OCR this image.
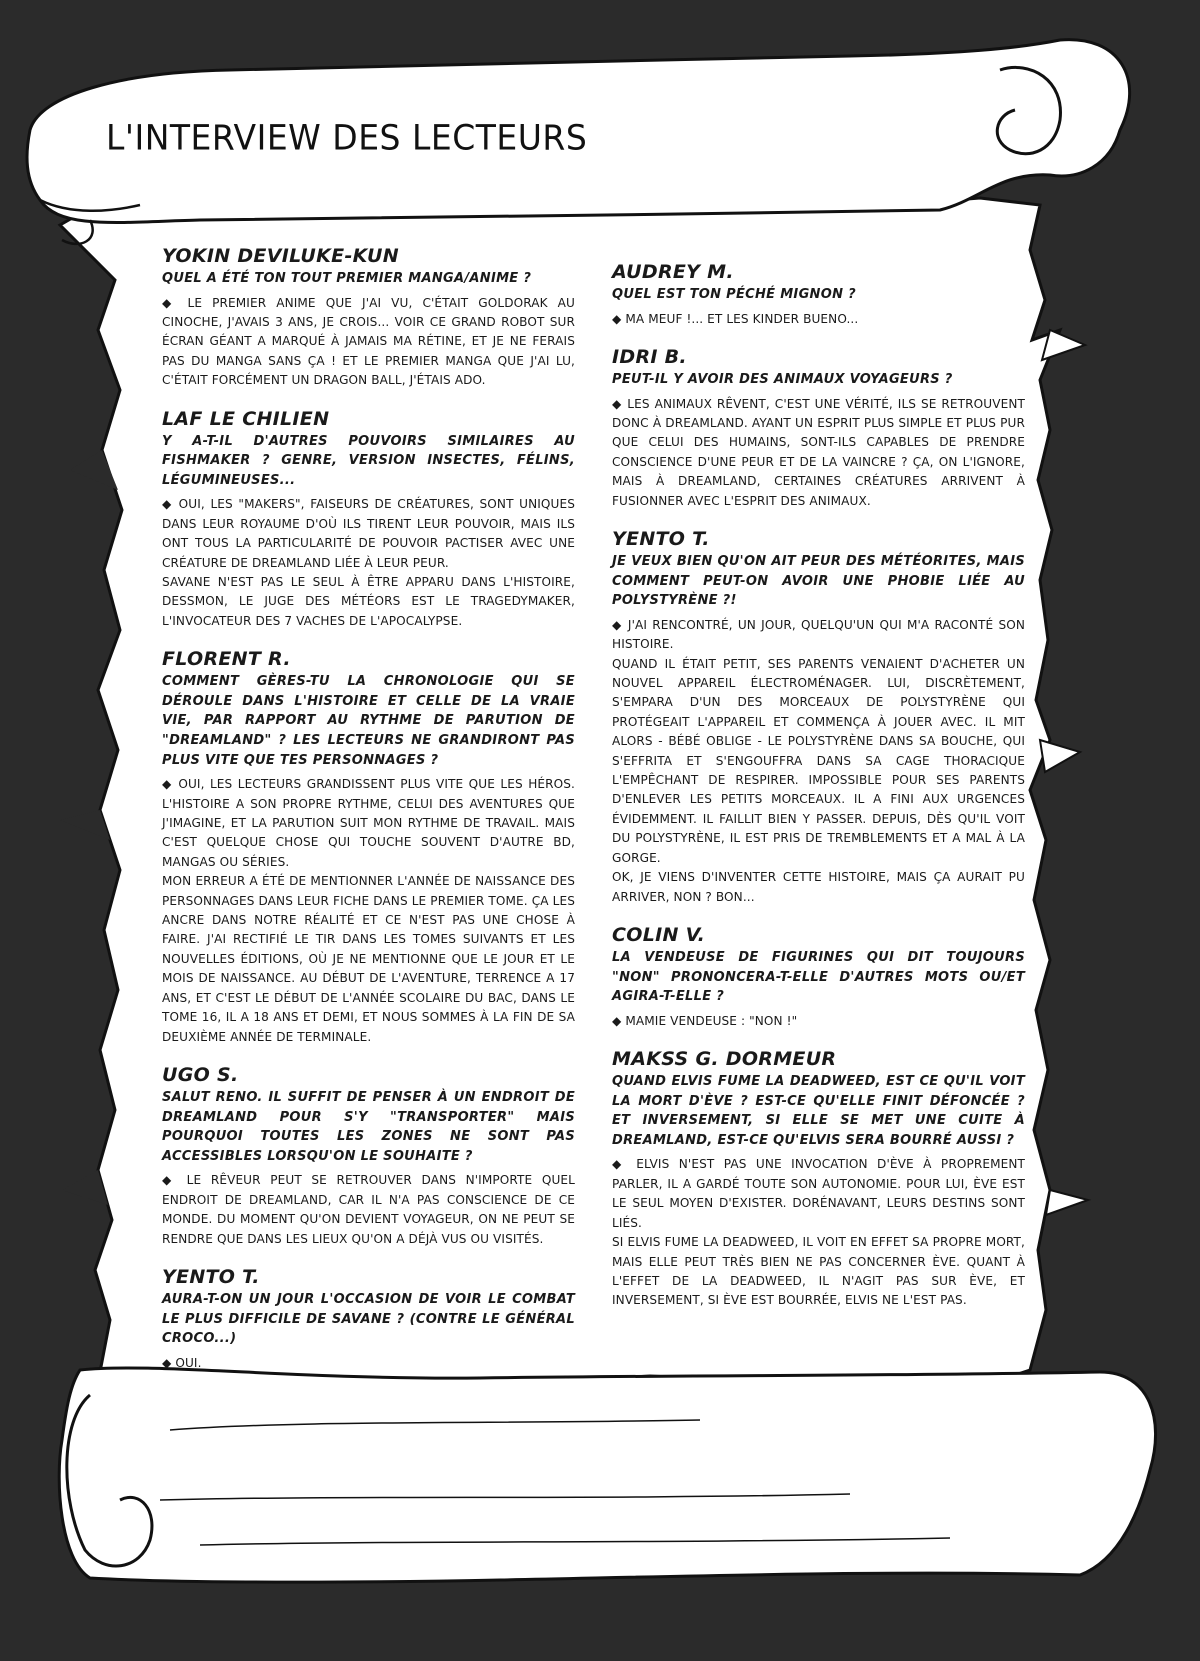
L'INTERVIEW DES LECTEURS
YOKIN DEVILUKE-KUN

QUEL A ÉTÉ TON TOUT PREMIER MANGA/ANIME ?

◆ LE PREMIER ANIME QUE J'AI VU, C'ÉTAIT GOLDORAK AU CINOCHE, J'AVAIS 3 ANS, JE CROIS... VOIR CE GRAND ROBOT SUR ÉCRAN GÉANT A MARQUÉ À JAMAIS MA RÉTINE, ET JE NE FERAIS PAS DU MANGA SANS ÇA ! ET LE PREMIER MANGA QUE J'AI LU, C'ÉTAIT FORCÉMENT UN DRAGON BALL, J'ÉTAIS ADO.

LAF LE CHILIEN

Y A-T-IL D'AUTRES POUVOIRS SIMILAIRES AU FISHMAKER ? GENRE, VERSION INSECTES, FÉLINS, LÉGUMINEUSES...

◆ OUI, LES "MAKERS", FAISEURS DE CRÉATURES, SONT UNIQUES DANS LEUR ROYAUME D'OÙ ILS TIRENT LEUR POUVOIR, MAIS ILS ONT TOUS LA PARTICULARITÉ DE POUVOIR PACTISER AVEC UNE CRÉATURE DE DREAMLAND LIÉE À LEUR PEUR.
SAVANE N'EST PAS LE SEUL À ÊTRE APPARU DANS L'HISTOIRE, DESSMON, LE JUGE DES MÉTÉORS EST LE TRAGEDYMAKER, L'INVOCATEUR DES 7 VACHES DE L'APOCALYPSE.

FLORENT R.

COMMENT GÈRES-TU LA CHRONOLOGIE QUI SE DÉROULE DANS L'HISTOIRE ET CELLE DE LA VRAIE VIE, PAR RAPPORT AU RYTHME DE PARUTION DE "DREAMLAND" ? LES LECTEURS NE GRANDIRONT PAS PLUS VITE QUE TES PERSONNAGES ?

◆ OUI, LES LECTEURS GRANDISSENT PLUS VITE QUE LES HÉROS. L'HISTOIRE A SON PROPRE RYTHME, CELUI DES AVENTURES QUE J'IMAGINE, ET LA PARUTION SUIT MON RYTHME DE TRAVAIL. MAIS C'EST QUELQUE CHOSE QUI TOUCHE SOUVENT D'AUTRE BD, MANGAS OU SÉRIES.
MON ERREUR A ÉTÉ DE MENTIONNER L'ANNÉE DE NAISSANCE DES PERSONNAGES DANS LEUR FICHE DANS LE PREMIER TOME. ÇA LES ANCRE DANS NOTRE RÉALITÉ ET CE N'EST PAS UNE CHOSE À FAIRE. J'AI RECTIFIÉ LE TIR DANS LES TOMES SUIVANTS ET LES NOUVELLES ÉDITIONS, OÙ JE NE MENTIONNE QUE LE JOUR ET LE MOIS DE NAISSANCE. AU DÉBUT DE L'AVENTURE, TERRENCE A 17 ANS, ET C'EST LE DÉBUT DE L'ANNÉE SCOLAIRE DU BAC, DANS LE TOME 16, IL A 18 ANS ET DEMI, ET NOUS SOMMES À LA FIN DE SA DEUXIÈME ANNÉE DE TERMINALE.

UGO S.

SALUT RENO. IL SUFFIT DE PENSER À UN ENDROIT DE DREAMLAND POUR S'Y "TRANSPORTER" MAIS POURQUOI TOUTES LES ZONES NE SONT PAS ACCESSIBLES LORSQU'ON LE SOUHAITE ?

◆ LE RÊVEUR PEUT SE RETROUVER DANS N'IMPORTE QUEL ENDROIT DE DREAMLAND, CAR IL N'A PAS CONSCIENCE DE CE MONDE. DU MOMENT QU'ON DEVIENT VOYAGEUR, ON NE PEUT SE RENDRE QUE DANS LES LIEUX QU'ON A DÉJÀ VUS OU VISITÉS.

YENTO T.

AURA-T-ON UN JOUR L'OCCASION DE VOIR LE COMBAT LE PLUS DIFFICILE DE SAVANE ? (CONTRE LE GÉNÉRAL CROCO...)

◆ OUI.

AUDREY M.

QUEL EST TON PÉCHÉ MIGNON ?

◆ MA MEUF !... ET LES KINDER BUENO...

IDRI B.

PEUT-IL Y AVOIR DES ANIMAUX VOYAGEURS ?

◆ LES ANIMAUX RÊVENT, C'EST UNE VÉRITÉ, ILS SE RETROUVENT DONC À DREAMLAND. AYANT UN ESPRIT PLUS SIMPLE ET PLUS PUR QUE CELUI DES HUMAINS, SONT-ILS CAPABLES DE PRENDRE CONSCIENCE D'UNE PEUR ET DE LA VAINCRE ? ÇA, ON L'IGNORE, MAIS À DREAMLAND, CERTAINES CRÉATURES ARRIVENT À FUSIONNER AVEC L'ESPRIT DES ANIMAUX.

YENTO T.

JE VEUX BIEN QU'ON AIT PEUR DES MÉTÉORITES, MAIS COMMENT PEUT-ON AVOIR UNE PHOBIE LIÉE AU POLYSTYRÈNE ?!

◆ J'AI RENCONTRÉ, UN JOUR, QUELQU'UN QUI M'A RACONTÉ SON HISTOIRE.
QUAND IL ÉTAIT PETIT, SES PARENTS VENAIENT D'ACHETER UN NOUVEL APPAREIL ÉLECTROMÉNAGER. LUI, DISCRÈTEMENT, S'EMPARA D'UN DES MORCEAUX DE POLYSTYRÈNE QUI PROTÉGEAIT L'APPAREIL ET COMMENÇA À JOUER AVEC. IL MIT ALORS - BÉBÉ OBLIGE - LE POLYSTYRÈNE DANS SA BOUCHE, QUI S'EFFRITA ET S'ENGOUFFRA DANS SA CAGE THORACIQUE L'EMPÊCHANT DE RESPIRER. IMPOSSIBLE POUR SES PARENTS D'ENLEVER LES PETITS MORCEAUX. IL A FINI AUX URGENCES ÉVIDEMMENT. IL FAILLIT BIEN Y PASSER. DEPUIS, DÈS QU'IL VOIT DU POLYSTYRÈNE, IL EST PRIS DE TREMBLEMENTS ET A MAL À LA GORGE.
OK, JE VIENS D'INVENTER CETTE HISTOIRE, MAIS ÇA AURAIT PU ARRIVER, NON ? BON...

COLIN V.

LA VENDEUSE DE FIGURINES QUI DIT TOUJOURS "NON" PRONONCERA-T-ELLE D'AUTRES MOTS OU/ET AGIRA-T-ELLE ?

◆ MAMIE VENDEUSE : "NON !"

MAKSS G. DORMEUR

QUAND ELVIS FUME LA DEADWEED, EST CE QU'IL VOIT LA MORT D'ÈVE ? EST-CE QU'ELLE FINIT DÉFONCÉE ? ET INVERSEMENT, SI ELLE SE MET UNE CUITE À DREAMLAND, EST-CE QU'ELVIS SERA BOURRÉ AUSSI ?

◆ ELVIS N'EST PAS UNE INVOCATION D'ÈVE À PROPREMENT PARLER, IL A GARDÉ TOUTE SON AUTONOMIE. POUR LUI, ÈVE EST LE SEUL MOYEN D'EXISTER. DORÉNAVANT, LEURS DESTINS SONT LIÉS.
SI ELVIS FUME LA DEADWEED, IL VOIT EN EFFET SA PROPRE MORT, MAIS ELLE PEUT TRÈS BIEN NE PAS CONCERNER ÈVE. QUANT À L'EFFET DE LA DEADWEED, IL N'AGIT PAS SUR ÈVE, ET INVERSEMENT, SI ÈVE EST BOURRÉE, ELVIS NE L'EST PAS.
